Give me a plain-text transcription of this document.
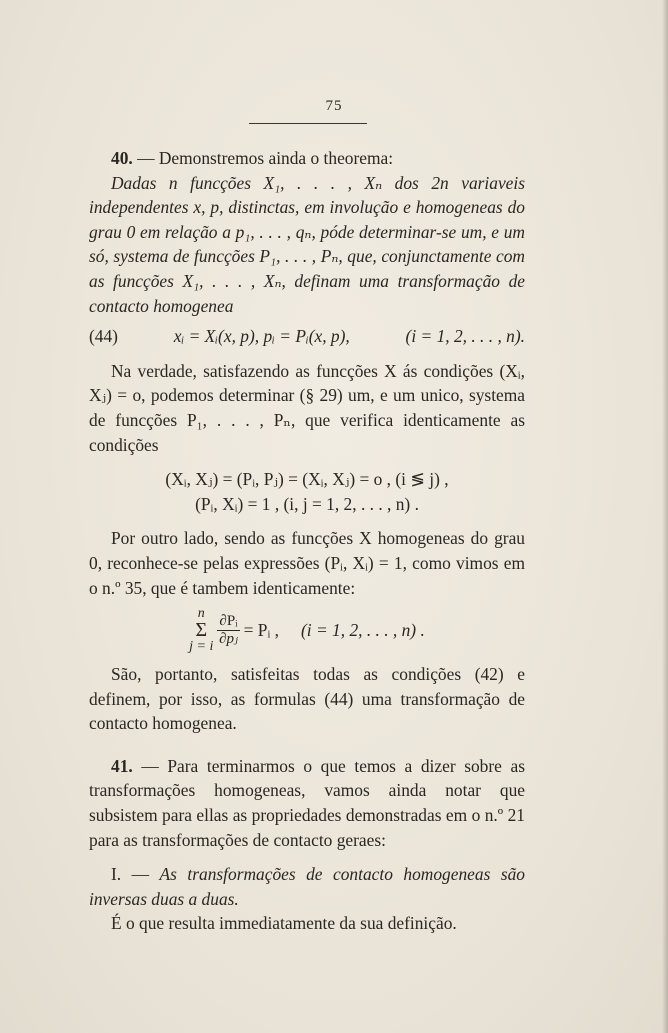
75

40. — Demonstremos ainda o theorema:

Dadas n funcções X₁, . . . , Xₙ dos 2n variaveis independentes x, p, distinctas, em involução e homogeneas do grau 0 em relação a p₁, . . . , qₙ, póde determinar-se um, e um só, systema de funcções P₁, . . . , Pₙ, que, conjunctamente com as funcções X₁, . . . , Xₙ, definam uma transformação de contacto homogenea

(44)	xᵢ = Xᵢ(x, p), pᵢ = Pᵢ(x, p),	(i = 1, 2, . . . , n).

Na verdade, satisfazendo as funcções X ás condições (Xᵢ, Xⱼ) = o, podemos determinar (§ 29) um, e um unico, systema de funcções P₁, . . . , Pₙ, que verifica identicamente as condições

(Xᵢ, Xⱼ) = (Pᵢ, Pⱼ) = (Xᵢ, Xⱼ) = o , (i ≶ j) ,
(Pᵢ, Xᵢ) = 1 , (i, j = 1, 2, . . . , n) .

Por outro lado, sendo as funcções X homogeneas do grau 0, reconhece-se pelas expressões (Pᵢ, Xᵢ) = 1, como vimos em o n.º 35, que é tambem identicamente:

n
Σ
j = i $\frac{\text{∂Pᵢ}}{\text{∂pⱼ}}$ = Pᵢ , (i = 1, 2, . . . , n) .

São, portanto, satisfeitas todas as condições (42) e definem, por isso, as formulas (44) uma transformação de contacto homogenea.

41. — Para terminarmos o que temos a dizer sobre as transformações homogeneas, vamos ainda notar que subsistem para ellas as propriedades demonstradas em o n.º 21 para as transformações de contacto geraes:

I. — As transformações de contacto homogeneas são inversas duas a duas.

É o que resulta immediatamente da sua definição.
